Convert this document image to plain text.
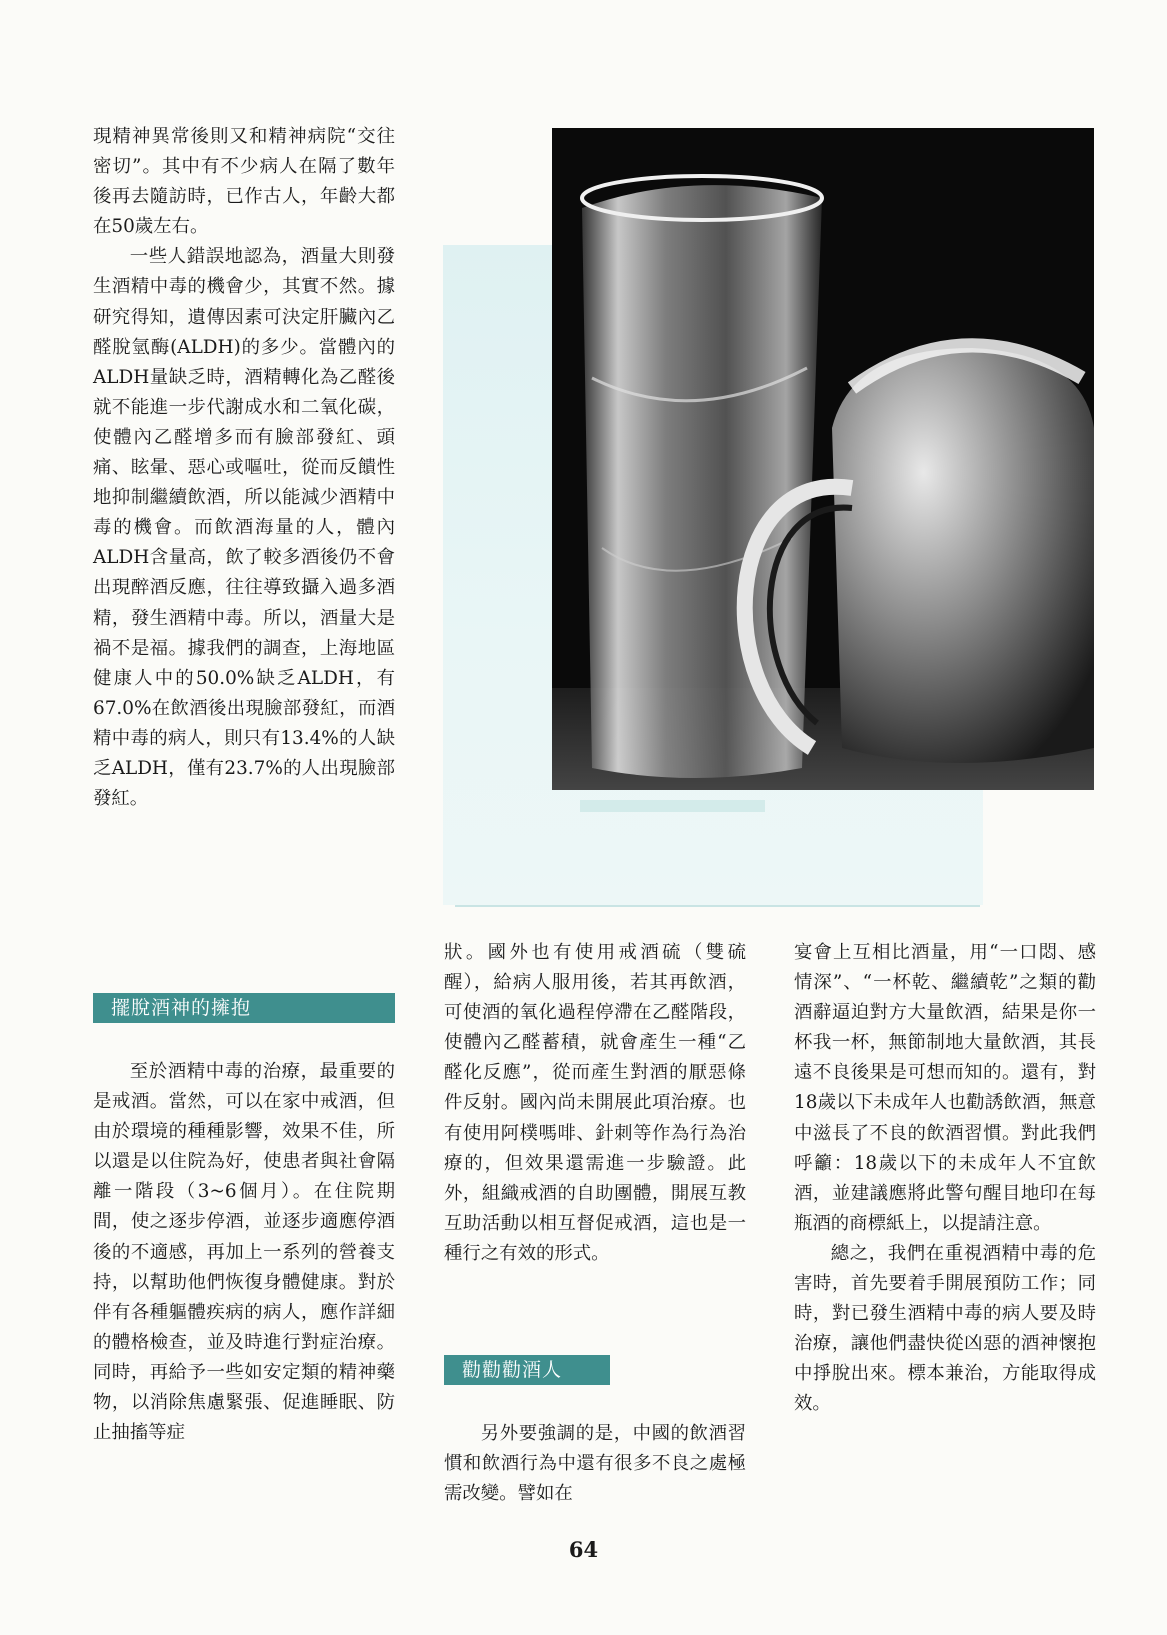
現精神異常後則又和精神病院“交往密切”。其中有不少病人在隔了數年後再去隨訪時，已作古人，年齡大都在50歲左右。

一些人錯誤地認為，酒量大則發生酒精中毒的機會少，其實不然。據研究得知，遺傳因素可決定肝臟內乙醛脫氫酶(ALDH)的多少。當體內的ALDH量缺乏時，酒精轉化為乙醛後就不能進一步代謝成水和二氧化碳，使體內乙醛增多而有臉部發紅、頭痛、眩暈、惡心或嘔吐，從而反饋性地抑制繼續飲酒，所以能減少酒精中毒的機會。而飲酒海量的人，體內ALDH含量高，飲了較多酒後仍不會出現醉酒反應，往往導致攝入過多酒精，發生酒精中毒。所以，酒量大是禍不是福。據我們的調查，上海地區健康人中的50.0%缺乏ALDH，有67.0%在飲酒後出現臉部發紅，而酒精中毒的病人，則只有13.4%的人缺乏ALDH，僅有23.7%的人出現臉部發紅。

擺脫酒神的擁抱

至於酒精中毒的治療，最重要的是戒酒。當然，可以在家中戒酒，但由於環境的種種影響，效果不佳，所以還是以住院為好，使患者與社會隔離一階段（3~6個月）。在住院期間，使之逐步停酒，並逐步適應停酒後的不適感，再加上一系列的營養支持，以幫助他們恢復身體健康。對於伴有各種軀體疾病的病人，應作詳細的體格檢查，並及時進行對症治療。同時，再給予一些如安定類的精神藥物，以消除焦慮緊張、促進睡眠、防止抽搐等症

狀。國外也有使用戒酒硫（雙硫醒），給病人服用後，若其再飲酒，可使酒的氧化過程停滯在乙醛階段，使體內乙醛蓄積，就會產生一種“乙醛化反應”，從而產生對酒的厭惡條件反射。國內尚未開展此項治療。也有使用阿樸嗎啡、針刺等作為行為治療的，但效果還需進一步驗證。此外，組織戒酒的自助團體，開展互教互助活動以相互督促戒酒，這也是一種行之有效的形式。

勸勸勸酒人

另外要強調的是，中國的飲酒習慣和飲酒行為中還有很多不良之處極需改變。譬如在

宴會上互相比酒量，用“一口悶、感情深”、“一杯乾、繼續乾”之類的勸酒辭逼迫對方大量飲酒，結果是你一杯我一杯，無節制地大量飲酒，其長遠不良後果是可想而知的。還有，對18歲以下未成年人也勸誘飲酒，無意中滋長了不良的飲酒習慣。對此我們呼籲：18歲以下的未成年人不宜飲酒，並建議應將此警句醒目地印在每瓶酒的商標紙上，以提請注意。

總之，我們在重視酒精中毒的危害時，首先要着手開展預防工作；同時，對已發生酒精中毒的病人要及時治療，讓他們盡快從凶惡的酒神懷抱中掙脫出來。標本兼治，方能取得成效。

64
